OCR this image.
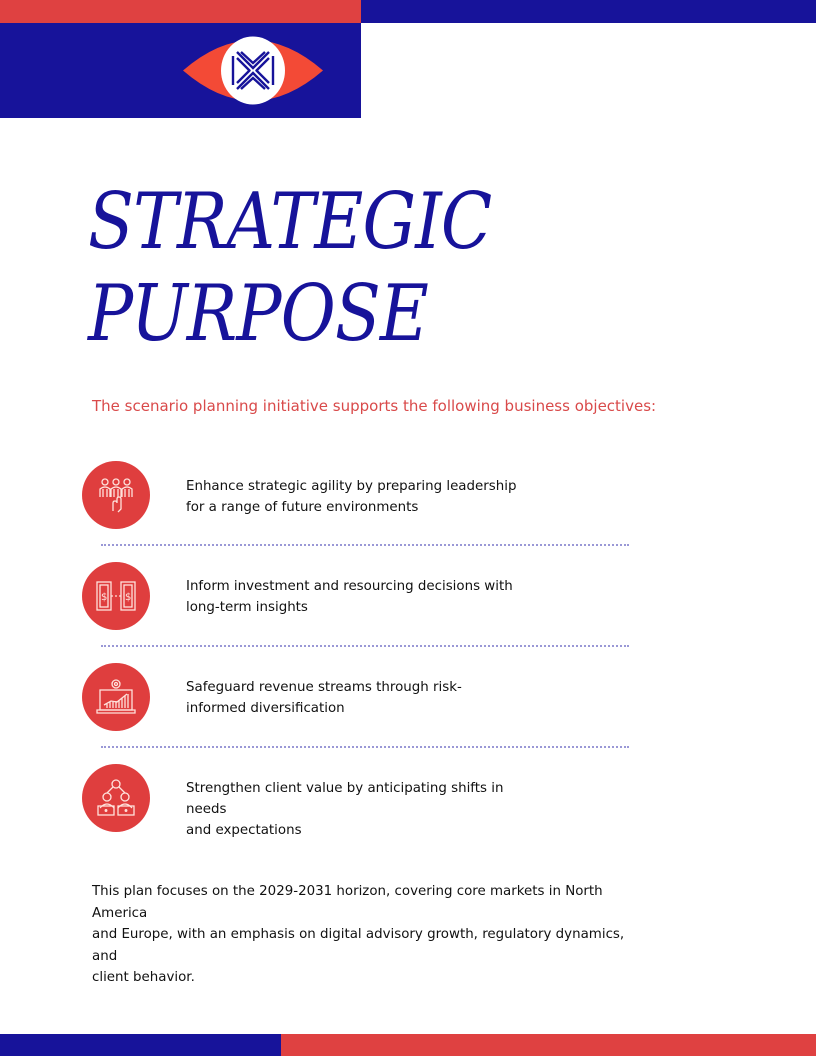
STRATEGIC
PURPOSE
The scenario planning initiative supports the following business objectives:
Enhance strategic agility by preparing leadership
for a range of future environments
$ $
Inform investment and resourcing decisions with
long-term insights
Safeguard revenue streams through risk-
informed diversification
Strengthen client value by anticipating shifts in needs
and expectations
This plan focuses on the 2029-2031 horizon, covering core markets in North America
and Europe, with an emphasis on digital advisory growth, regulatory dynamics, and
client behavior.
